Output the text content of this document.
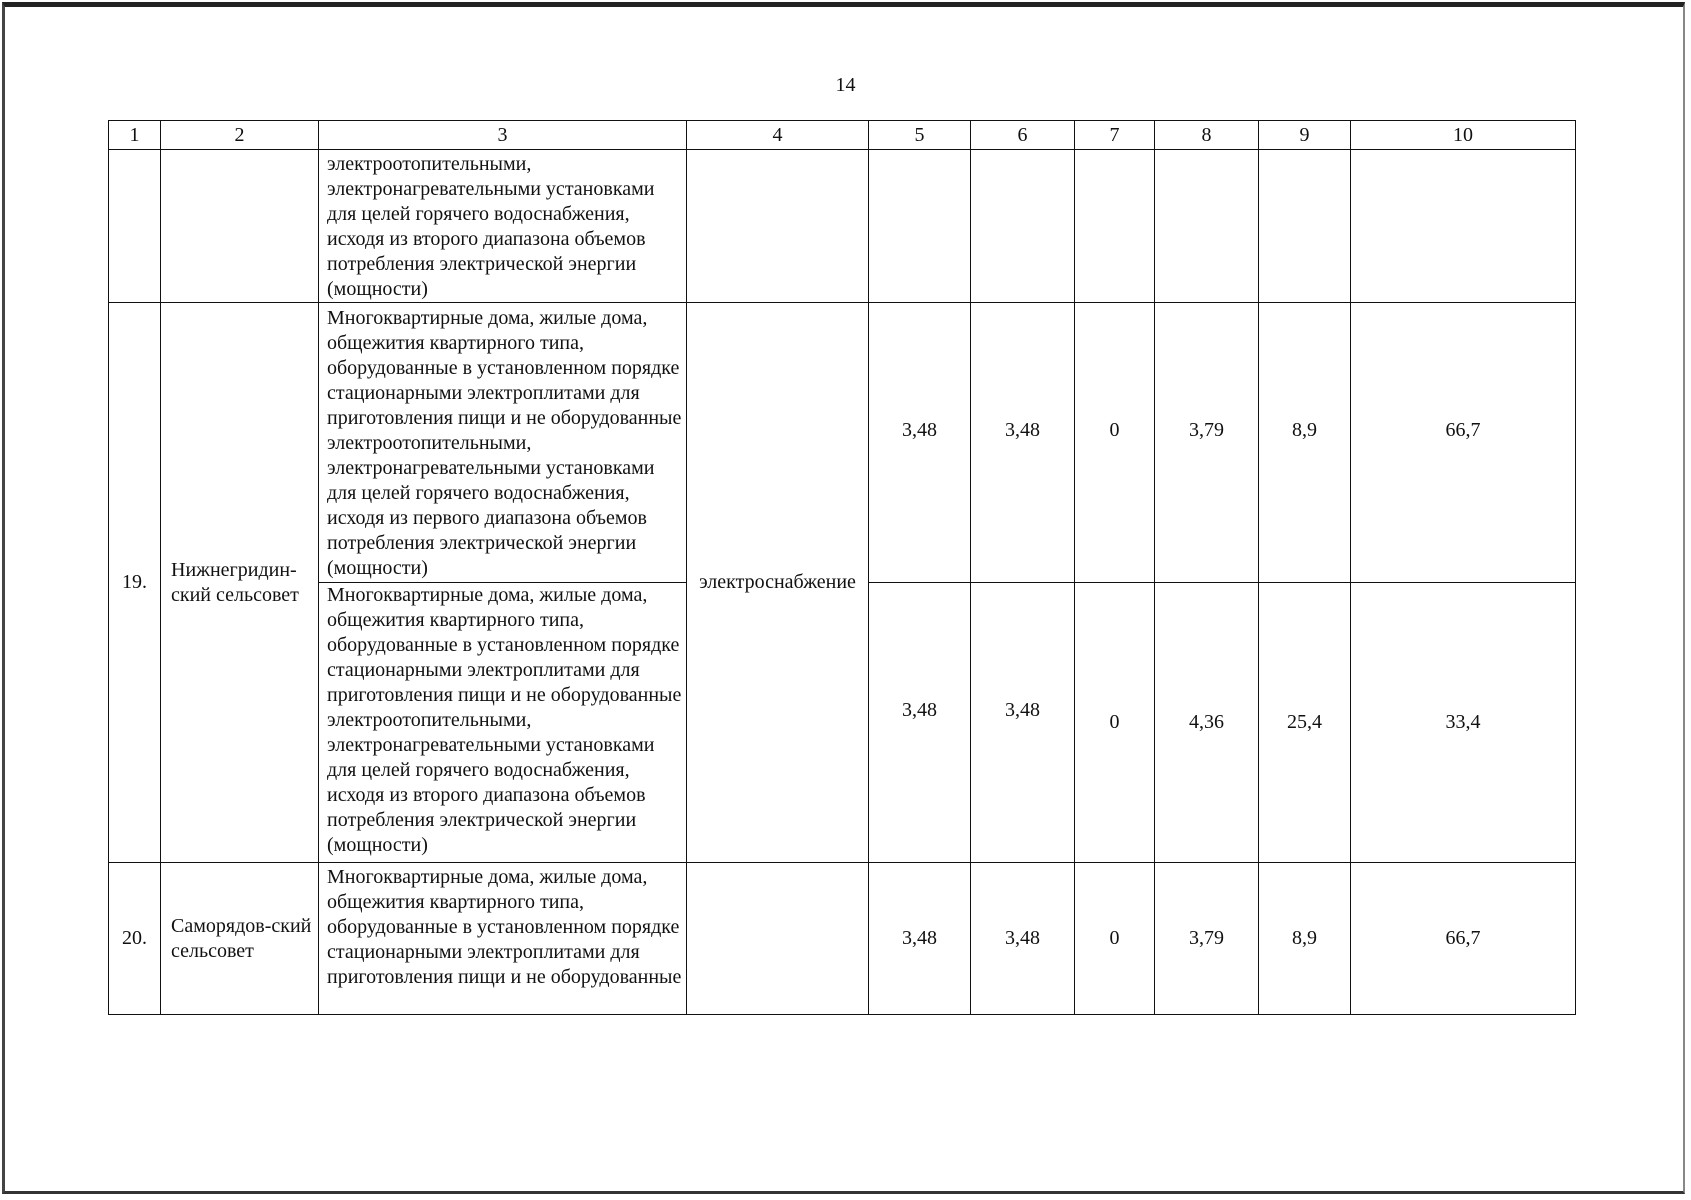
14
1	2	3	4	5	6	7	8	9	10
		электроотопительными, электронагревательными установками для целей горячего водоснабжения, исходя из второго диапазона объемов потребления электрической энергии (мощности)							
19.	Нижнегридин-ский сельсовет	Многоквартирные дома, жилые дома, общежития квартирного типа, оборудованные в установленном порядке стационарными электроплитами для приготовления пищи и не оборудованные электроотопительными, электронагревательными установками для целей горячего водоснабжения, исходя из первого диапазона объемов потребления электрической энергии (мощности)	электроснабжение	3,48	3,48	0	3,79	8,9	66,7
		Многоквартирные дома, жилые дома, общежития квартирного типа, оборудованные в установленном порядке стационарными электроплитами для приготовления пищи и не оборудованные электроотопительными, электронагревательными установками для целей горячего водоснабжения, исходя из второго диапазона объемов потребления электрической энергии (мощности)		3,48	3,48	0	4,36	25,4	33,4
20.	Саморядов-ский сельсовет	Многоквартирные дома, жилые дома, общежития квартирного типа, оборудованные в установленном порядке стационарными электроплитами для приготовления пищи и не оборудованные		3,48	3,48	0	3,79	8,9	66,7
